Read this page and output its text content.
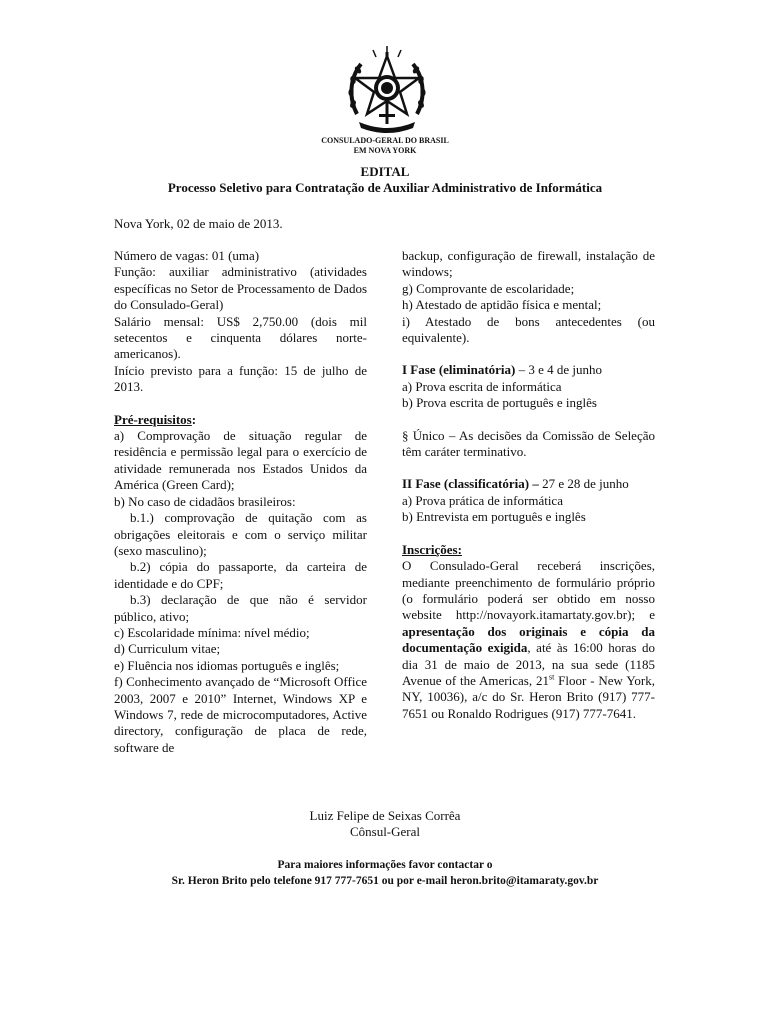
CONSULADO-GERAL DO BRASIL
EM NOVA YORK
EDITAL
Processo Seletivo para Contratação de Auxiliar Administrativo de Informática
Nova York, 02 de maio de 2013.

Número de vagas: 01 (uma)

Função: auxiliar administrativo (atividades específicas no Setor de Processamento de Dados do Consulado-Geral)

Salário mensal: US$ 2,750.00 (dois mil setecentos e cinquenta dólares norte-americanos).

Início previsto para a função: 15 de julho de 2013.

Pré-requisitos:

a) Comprovação de situação regular de residência e permissão legal para o exercício de atividade remunerada nos Estados Unidos da América (Green Card);

b) No caso de cidadãos brasileiros:

b.1.) comprovação de quitação com as obrigações eleitorais e com o serviço militar (sexo masculino);

b.2) cópia do passaporte, da carteira de identidade e do CPF;

b.3) declaração de que não é servidor público, ativo;

c) Escolaridade mínima: nível médio;

d) Curriculum vitae;

e) Fluência nos idiomas português e inglês;

f) Conhecimento avançado de “Microsoft Office 2003, 2007 e 2010” Internet, Windows XP e Windows 7, rede de microcomputadores, Active directory, configuração de placa de rede, software de

backup, configuração de firewall, instalação de windows;

g) Comprovante de escolaridade;

h) Atestado de aptidão física e mental;

i) Atestado de bons antecedentes (ou equivalente).

I Fase (eliminatória) – 3 e 4 de junho

a) Prova escrita de informática

b) Prova escrita de português e inglês

§ Único – As decisões da Comissão de Seleção têm caráter terminativo.

II Fase (classificatória) – 27 e 28 de junho

a) Prova prática de informática

b) Entrevista em português e inglês

Inscrições:

O Consulado-Geral receberá inscrições, mediante preenchimento de formulário próprio (o formulário poderá ser obtido em nosso website http://novayork.itamartaty.gov.br); e apresentação dos originais e cópia da documentação exigida, até às 16:00 horas do dia 31 de maio de 2013, na sua sede (1185 Avenue of the Americas, 21st Floor - New York, NY, 10036), a/c do Sr. Heron Brito (917) 777-7651 ou Ronaldo Rodrigues (917) 777-7641.

Luiz Felipe de Seixas Corrêa
Cônsul-Geral
Para maiores informações favor contactar o
Sr. Heron Brito pelo telefone 917 777-7651 ou por e-mail heron.brito@itamaraty.gov.br
